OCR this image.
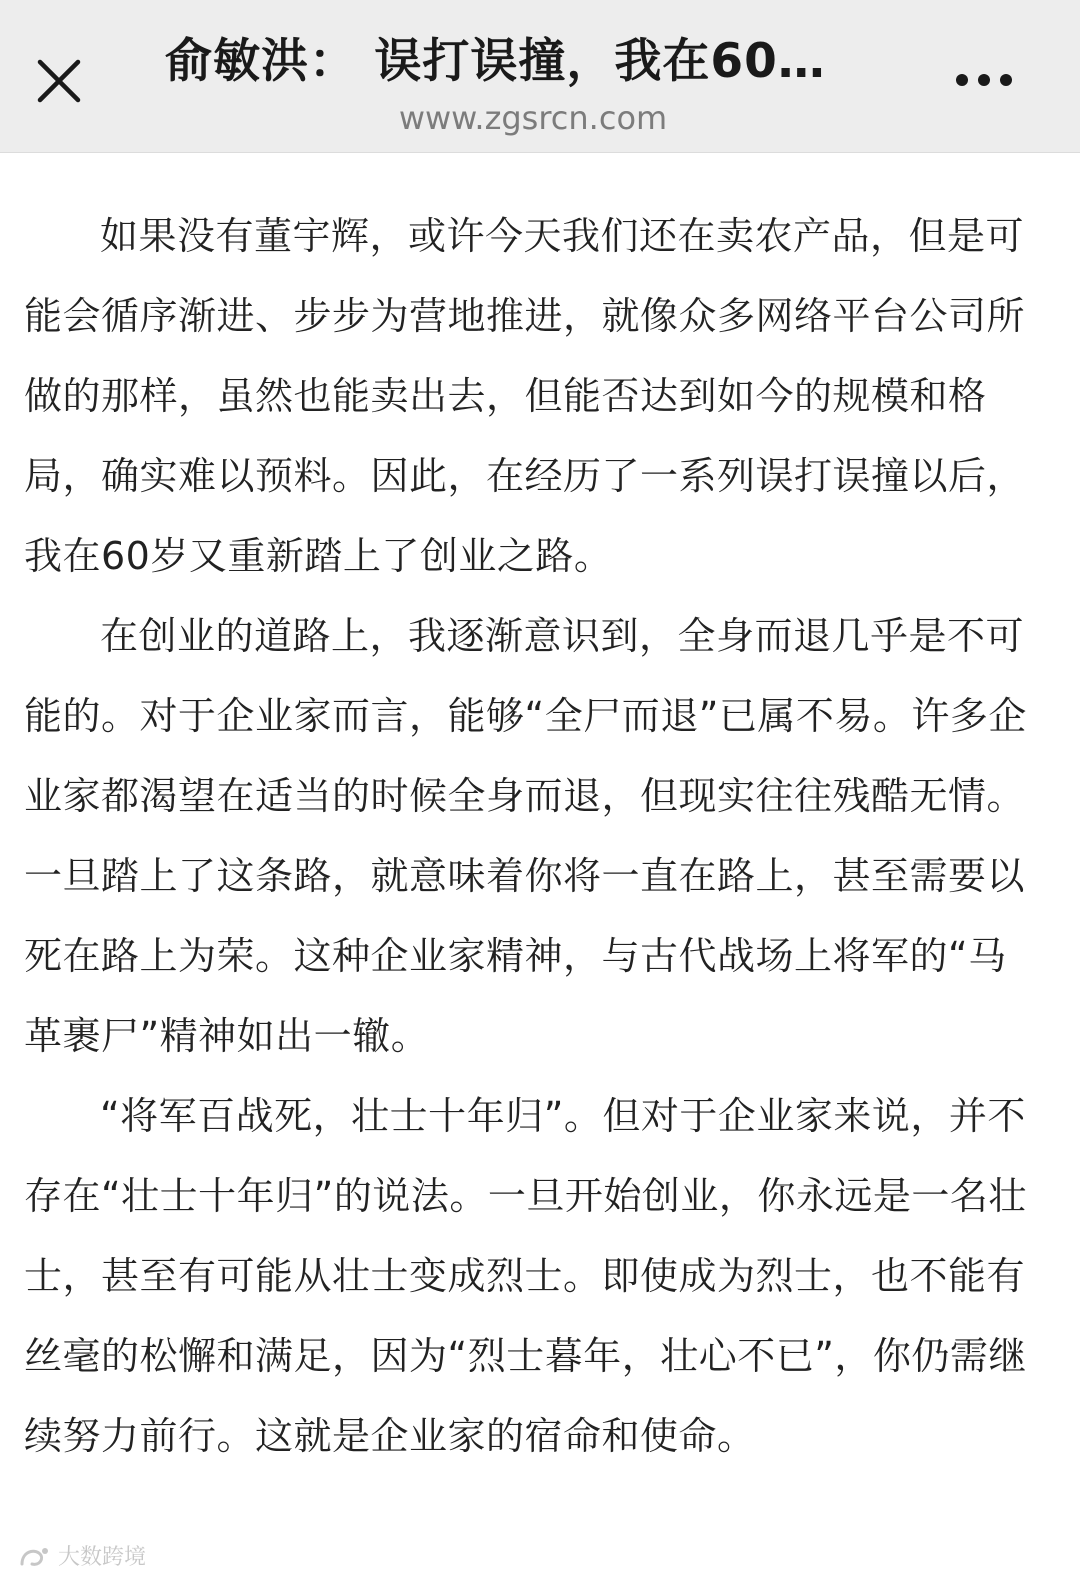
俞敏洪： 误打误撞，我在60…
www.zgsrcn.com

如果没有董宇辉，或许今天我们还在卖农产品，但是可能会循序渐进、步步为营地推进，就像众多网络平台公司所做的那样，虽然也能卖出去，但能否达到如今的规模和格局，确实难以预料。因此，在经历了一系列误打误撞以后，我在60岁又重新踏上了创业之路。

在创业的道路上，我逐渐意识到，全身而退几乎是不可能的。对于企业家而言，能够“全尸而退”已属不易。许多企业家都渴望在适当的时候全身而退，但现实往往残酷无情。一旦踏上了这条路，就意味着你将一直在路上，甚至需要以死在路上为荣。这种企业家精神，与古代战场上将军的“马革裹尸”精神如出一辙。

“将军百战死，壮士十年归”。但对于企业家来说，并不存在“壮士十年归”的说法。一旦开始创业，你永远是一名壮士，甚至有可能从壮士变成烈士。即使成为烈士，也不能有丝毫的松懈和满足，因为“烈士暮年，壮心不已”，你仍需继续努力前行。这就是企业家的宿命和使命。

大数跨境
